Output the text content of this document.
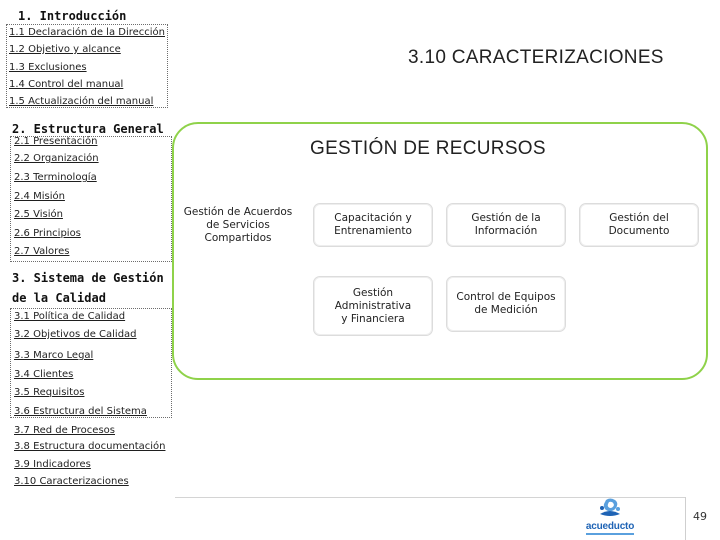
1. Introducción
1.1 Declaración de la Dirección
1.2 Objetivo y alcance
1.3 Exclusiones
1.4 Control del manual
1.5 Actualización del manual
2. Estructura General
2.1 Presentación
2.2 Organización
2.3 Terminología
2.4 Misión
2.5 Visión
2.6 Principios
2.7 Valores
3. Sistema de Gestión
de la Calidad
3.1 Política de Calidad
3.2 Objetivos de Calidad
3.3 Marco Legal
3.4 Clientes
3.5 Requisitos
3.6 Estructura del Sistema
3.7 Red de Procesos
3.8 Estructura documentación
3.9 Indicadores
3.10 Caracterizaciones
3.10 CARACTERIZACIONES
GESTIÓN DE RECURSOS
Gestión de Acuerdos de Servicios Compartidos
Capacitación y Entrenamiento
Gestión de la Información
Gestión del Documento
Gestión Administrativa y Financiera
Control de Equipos de Medición
49
acueducto
